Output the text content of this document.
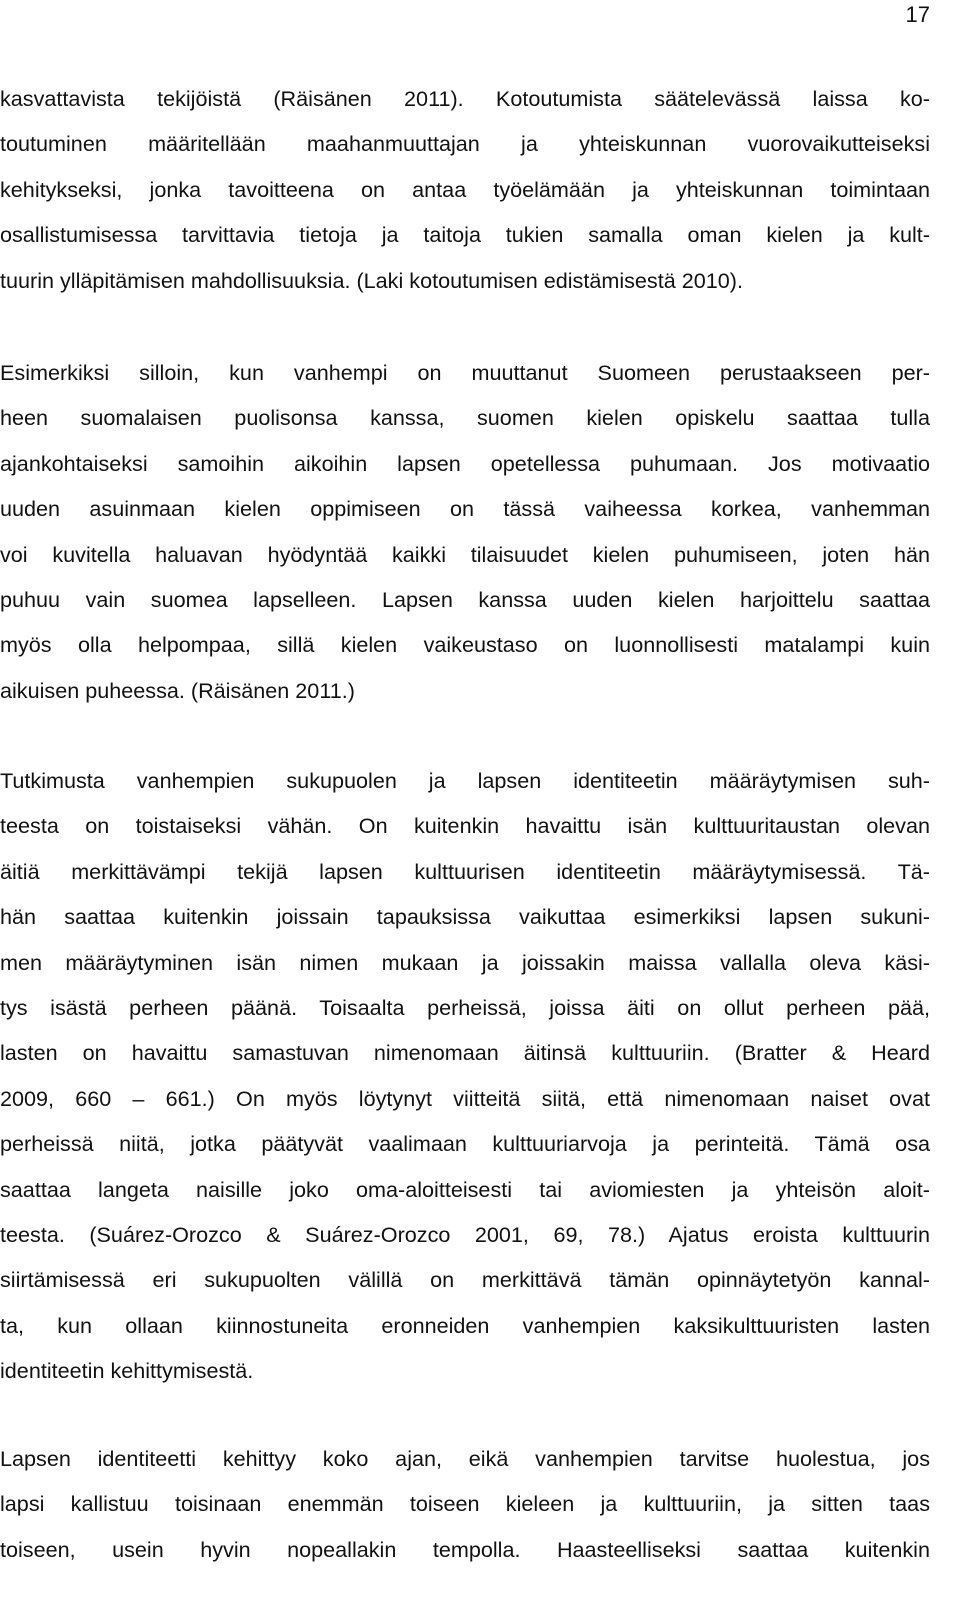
17
kasvattavista tekijöistä (Räisänen 2011). Kotoutumista säätelevässä laissa ko-
toutuminen määritellään maahanmuuttajan ja yhteiskunnan vuorovaikutteiseksi
kehitykseksi, jonka tavoitteena on antaa työelämään ja yhteiskunnan toimintaan
osallistumisessa tarvittavia tietoja ja taitoja tukien samalla oman kielen ja kult-
tuurin ylläpitämisen mahdollisuuksia. (Laki kotoutumisen edistämisestä 2010).
Esimerkiksi silloin, kun vanhempi on muuttanut Suomeen perustaakseen per-
heen suomalaisen puolisonsa kanssa, suomen kielen opiskelu saattaa tulla
ajankohtaiseksi samoihin aikoihin lapsen opetellessa puhumaan. Jos motivaatio
uuden asuinmaan kielen oppimiseen on tässä vaiheessa korkea, vanhemman
voi kuvitella haluavan hyödyntää kaikki tilaisuudet kielen puhumiseen, joten hän
puhuu vain suomea lapselleen. Lapsen kanssa uuden kielen harjoittelu saattaa
myös olla helpompaa, sillä kielen vaikeustaso on luonnollisesti matalampi kuin
aikuisen puheessa. (Räisänen 2011.)
Tutkimusta vanhempien sukupuolen ja lapsen identiteetin määräytymisen suh-
teesta on toistaiseksi vähän. On kuitenkin havaittu isän kulttuuritaustan olevan
äitiä merkittävämpi tekijä lapsen kulttuurisen identiteetin määräytymisessä. Tä-
hän saattaa kuitenkin joissain tapauksissa vaikuttaa esimerkiksi lapsen sukuni-
men määräytyminen isän nimen mukaan ja joissakin maissa vallalla oleva käsi-
tys isästä perheen päänä. Toisaalta perheissä, joissa äiti on ollut perheen pää,
lasten on havaittu samastuvan nimenomaan äitinsä kulttuuriin. (Bratter & Heard
2009, 660 – 661.) On myös löytynyt viitteitä siitä, että nimenomaan naiset ovat
perheissä niitä, jotka päätyvät vaalimaan kulttuuriarvoja ja perinteitä. Tämä osa
saattaa langeta naisille joko oma-aloitteisesti tai aviomiesten ja yhteisön aloit-
teesta. (Suárez-Orozco & Suárez-Orozco 2001, 69, 78.) Ajatus eroista kulttuurin
siirtämisessä eri sukupuolten välillä on merkittävä tämän opinnäytetyön kannal-
ta, kun ollaan kiinnostuneita eronneiden vanhempien kaksikulttuuristen lasten
identiteetin kehittymisestä.
Lapsen identiteetti kehittyy koko ajan, eikä vanhempien tarvitse huolestua, jos
lapsi kallistuu toisinaan enemmän toiseen kieleen ja kulttuuriin, ja sitten taas
toiseen, usein hyvin nopeallakin tempolla. Haasteelliseksi saattaa kuitenkin
